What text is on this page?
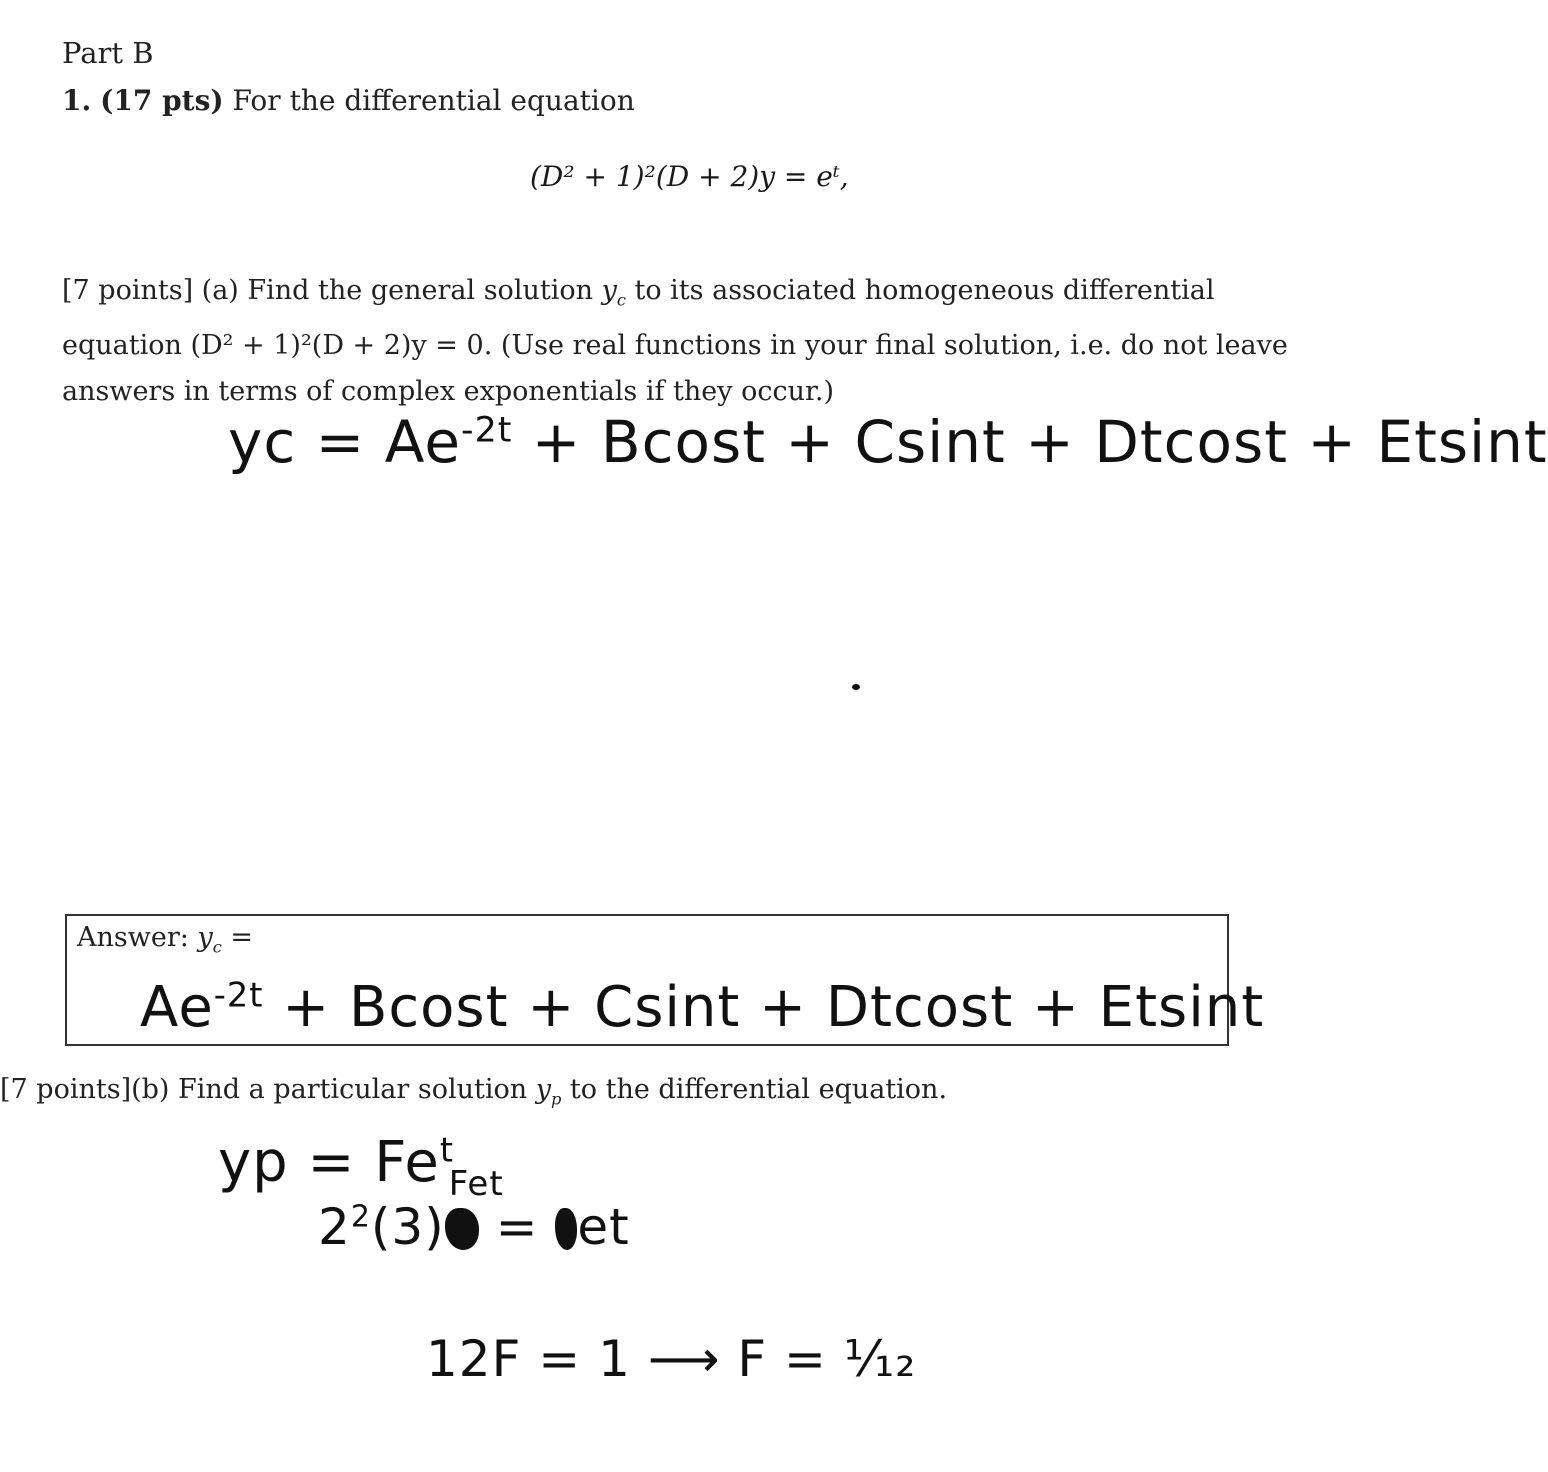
Part B
1. (17 pts) For the differential equation
(D² + 1)²(D + 2)y = eᵗ,
[7 points] (a) Find the general solution $y_c$ to its associated homogeneous differential equation (D² + 1)²(D + 2)y = 0. (Use real functions in your final solution, i.e. do not leave answers in terms of complex exponentials if they occur.)
yc = $Ae^{-2t} + Bcost + Csint + Dtcost + Etsint$
Answer: $y_c$ =
$Ae^{-2t} + Bcost + Csint + Dtcost + Etsint$
[7 points](b) Find a particular solution $y_p$ to the differential equation.
yp = $Fe^t$
$2^2(3)$
Fet
= et
12F = 1 ⟶ F = ¹⁄₁₂
